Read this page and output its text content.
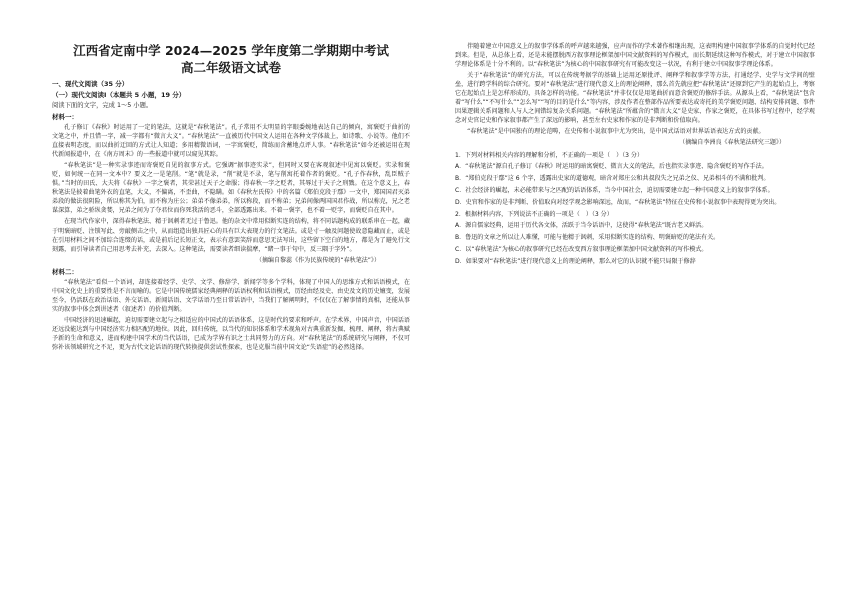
江西省定南中学 2024—2025 学年度第二学期期中考试
高二年级语文试卷
一、现代文阅读（35 分）
（一）现代文阅读Ⅰ（本题共 5 小题，19 分）
阅读下面的文字，完成 1～5 小题。
材料一：

孔子修订《春秋》时运用了一定的笔法，这就是“春秋笔法”。孔子常用不太明显的字眼委婉地表达自己的倾向，寓褒贬于曲折的文笔之中，并且惜一字，减一字都有“微言大义”。“春秋笔法”一直被历代中国文人运用在各种文学体裁上，如诗歌、小说等。他们不直接表明态度，而以曲折迂回的方式让人知道；多用精微语词，一字寓褒贬，简练而含蓄地点评人事。“春秋笔法”如今还被运用在现代新闻报道中，在《南方周末》的一些报道中就可以窥见其踪。

“春秋笔法”是一种实录事迹而寄褒贬自见的叙事方式。它强调“据事迹实录”，但同时又要在客观叙述中见寓以褒贬。实录和褒贬，如何统一在同一文本中？要义之一是笔削。“笔”就是录，“削”就是不录，笔与削寓托着作者的褒贬。“孔子作春秋，乱臣贼子惧。”当时的田氏、大夫将《春秋》一字之褒者，其荣甚过天子之命服；得春秋一字之贬者，其辱过于天子之刑戮。在这个意义上，春秋笔法是披着曲笔外衣的直笔，大义，不偏离，不歪曲，不隐瞒。如《春秋左氏传》中的名篇《郑伯克段于鄢》一文中，郑国国君灭弟弟段的做法很阴险，所以称其为伯，而不称为庄公；弟弟不像弟弟，所以称段，而不称弟；兄弟间像两国国君作战，所以称克，兄之老谋深算，弟之骄纵贪婪，兄弟之间为了夺君位而你死我活的恶斗，全部透露出来。不着一褒字，也不着一贬字，而褒贬自在其中。

在现当代作家中，深得春秋笔法、精于讽刺者无过于鲁迅。他的杂文中常用似断实连的结构，将不同话题构成的联系串在一起，藏于明褒暗贬、注锁写此、旁敲侧击之中，从而组造出独具匠心的具有巨大表现力的行文笔法。或是寸一触及问题使故意隐藏而止，或是在引用材料之间不加综合连缀的话，或是前后记长短正文，表示有意罢笑辞而意思无法写出，这些留下空白的地方，都是为了避免行文刻露，而引导读者自己用思考去补充，去深入。这种笔法，需要读者细读揣摩，“睹一事于句中，反三隅于字外”。

（摘编自黎蕊《作为民族传统的“春秋笔法”》）
材料二：

“春秋笔法”看似一个语词，却连接着经学、史学、文学、修辞学、新闻学等多个学科，体现了中国人的思维方式和话语模式，在中国文化史上的重要性是不言而喻的。它是中国传统儒家经典阐释的话语权利和话语模式，历经由经及史、由史及文的历史嬗变，发展至今，仍活跃在政治话语、外交话语、新闻话语、文学话语乃至日常话语中，当我们了解阐明时，不仅仅在了解事情的真相，还能从事实的叙事中体会到讲述者（叙述者）的价值判断。

中国经济的迅速崛起，迫切需要建立起与之相适应的中国式的话语体系，这是时代的要求和呼声。在学术界，中国声音，中国话语还远没能达到与中国经济实力相匹配的地位。因此，回归传统，以当代的知识体系和学术视角对古典重新发掘、梳理、阐释，将古典赋予新的生命和意义，进而构建中国学术的当代话语，已成为学界有识之士共同努力的方向。对“春秋笔法”的系统研究与阐释，不仅可弥补该领域研究之不足，更为古代文论话语的现代转换提供尝试性探索，也是克服当前中国文论“失语症”的必然选择。

伴随着建立中国意义上的叙事学体系的呼声越来越强，应声而作的学术著作相继出现，这表明构建中国叙事学体系的自觉时代已经到来。但是，从总体上看，还是未能摆脱西方叙事理论框架加中国文献资料的写作模式，而长期延续这种写作模式，对于建立中国叙事学理论体系是十分不利的。以“春秋笔法”为核心的中国叙事研究有可能改变这一状况，有利于建立中国叙事学理论体系。

关于“春秋笔法”的研究方法，可以在传统考据学的基础上运用还原批评、阐释学和叙事学等方法，打通经学、史学与文学间的壁垒，进行跨学科的综合研究。要对“春秋笔法”进行现代意义上的理论阐释，那么首先就应把“春秋笔法”还原到它产生的起始点上，考察它在起始点上是怎样形成的，具备怎样的功能。“春秋笔法”并非仅仅是用笔曲折而意含褒贬的修辞手法。从源头上看，“春秋笔法”包含着“写什么”“不写什么”“怎么写”“写的目的是什么”等内容，涉及作者在整部作品所要表达或寄托的美学褒贬问题、结构安排问题、事件因果逻辑关系问题和人与人之间错综复杂关系问题。“春秋笔法”所蕴含的“微言大义”是史家、作家之褒贬，在具体书写过程中，经学观念对史官记史和作家叙事都产生了深远的影响，甚至左右史家和作家的是非判断和价值取向。

“春秋笔法”是中国独有的理论范畴，在史传和小说叙事中尤为突出，是中国式话语对世界话语表达方式的贡献。

（摘编自李洲良《春秋笔法研究三题》）
1．下列对材料相关内容的理解和分析，不正确的一项是（　）（3 分）
A．“春秋笔法”源自孔子修订《春秋》时运用的暗寓褒贬、微言大义的笔法，后也指实录事迹、隐含褒贬的写作手法。
B．“郑伯克段于鄢”这 6 个字，透露出史家的道德观，暗含对郑庄公和共叔段失之兄弟之仪、兄弟相斗的不满和批判。
C．社会经济的崛起，未必能带来与之匹配的话语体系，当今中国社会，迫切需要建立起一种中国意义上的叙事学体系。
D．史官和作家的是非判断、价值取向对经学观念影响深远，故而，“春秋笔法”特征在史传和小说叙事中表现得更为突出。
2．根据材料内容，下列说法不正确的一项是（　）（3 分）
A．源自儒家经典，运用于历代各文体，活跃于当今话语中，这使得“春秋笔法”既古老又鲜活。
B．鲁迅的文章之所以让人难懂，可能与他精于讽刺，采用似断实连的结构、明褒暗贬的笔法有关。
C．以“春秋笔法”为核心的叙事研究已经在改变西方叙事理论框架加中国文献资料的写作模式。
D．如果要对“春秋笔法”进行现代意义上的理论阐释，那么对它的认识就不能只局限于修辞
